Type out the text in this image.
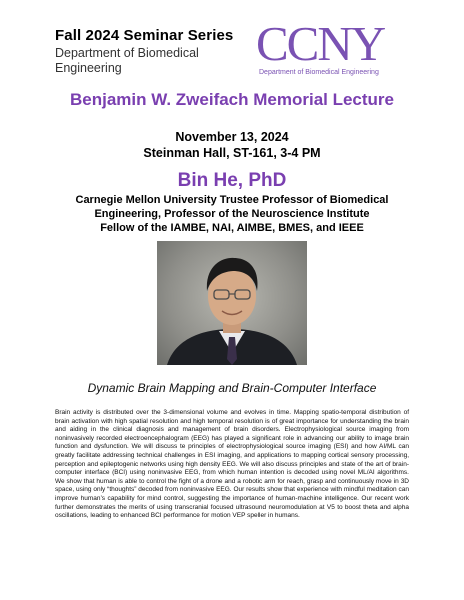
Fall 2024 Seminar Series
Department of Biomedical
Engineering	CCNY
Department of Biomedical Engineering
Benjamin W. Zweifach Memorial Lecture
November 13, 2024
Steinman Hall, ST-161, 3-4 PM
Bin He, PhD
Carnegie Mellon University Trustee Professor of Biomedical
Engineering, Professor of the Neuroscience Institute
Fellow of the IAMBE, NAI, AIMBE, BMES, and IEEE
Dynamic Brain Mapping and Brain-Computer Interface
Brain activity is distributed over the 3-dimensional volume and evolves in time. Mapping spatio-temporal distribution of brain activation with high spatial resolution and high temporal resolution is of great importance for understanding the brain and aiding in the clinical diagnosis and management of brain disorders. Electrophysiological source imaging from noninvasively recorded electroencephalogram (EEG) has played a significant role in advancing our ability to image brain function and dysfunction. We will discuss te principles of electrophysiological source imaging (ESI) and how AI/ML can greatly facilitate addressing technical challenges in ESI imaging, and applications to mapping cortical sensory processing, perception and epileptogenic networks using high density EEG. We will also discuss principles and state of the art of brain-computer interface (BCI) using noninvasive EEG, from which human intention is decoded using novel ML/AI algorithms. We show that human is able to control the fight of a drone and a robotic arm for reach, grasp and continuously move in 3D space, using only “thoughts” decoded from noninvasive EEG. Our results show that experience with mindful meditation can improve human’s capability for mind control, suggesting the importance of human-machine intelligence. Our recent work further demonstrates the merits of using transcranial focused ultrasound neuromodulation at V5 to boost theta and alpha oscillations, leading to enhanced BCI performance for motion VEP speller in humans.
